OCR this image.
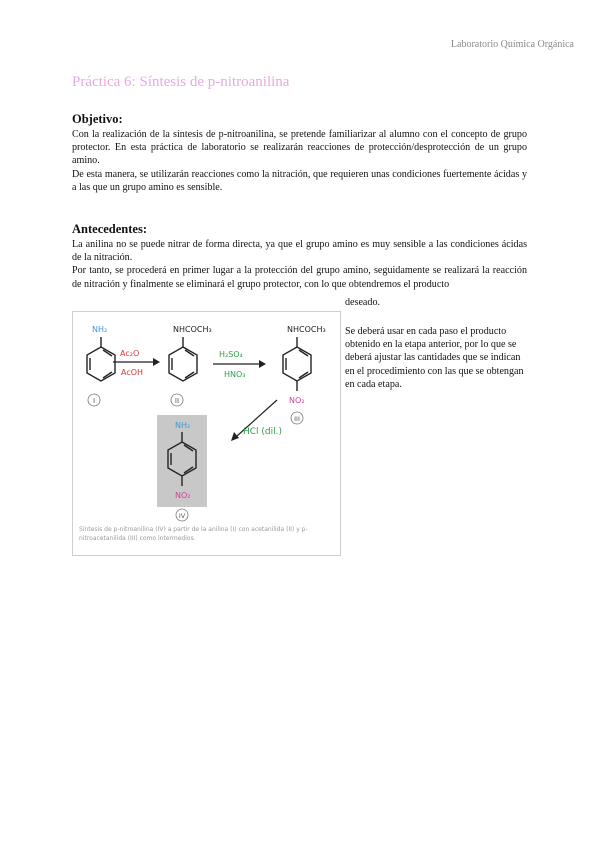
Laboratorio Química Orgánica
Práctica 6: Síntesis de p-nitroanilina
Objetivo:

Con la realización de la síntesis de p-nitroanilina, se pretende familiarizar al alumno con el concepto de grupo protector. En esta práctica de laboratorio se realizarán reacciones de protección/desprotección de un grupo amino.

De esta manera, se utilizarán reacciones como la nitración, que requieren unas condiciones fuertemente ácidas y a las que un grupo amino es sensible.

Antecedentes:

La anilina no se puede nitrar de forma directa, ya que el grupo amino es muy sensible a las condiciones ácidas de la nitración.

Por tanto, se procederá en primer lugar a la protección del grupo amino, seguidamente se realizará la reacción de nitración y finalmente se eliminará el grupo protector, con lo que obtendremos el producto

deseado.
NH₂
I
Ac₂O
AcOH
NHCOCH₃
II
H₂SO₄
HNO₃
NHCOCH₃
NO₂
III
HCl (dil.)
NH₂
NO₂
IV
Síntesis de p-nitroanilina (IV) a partir de la anilina (I) con acetanilida (II) y p-nitroacetanilida (III) como intermedios.
Se deberá usar en cada paso el producto obtenido en la etapa anterior, por lo que se deberá ajustar las cantidades que se indican en el procedimiento con las que se obtengan en cada etapa.
